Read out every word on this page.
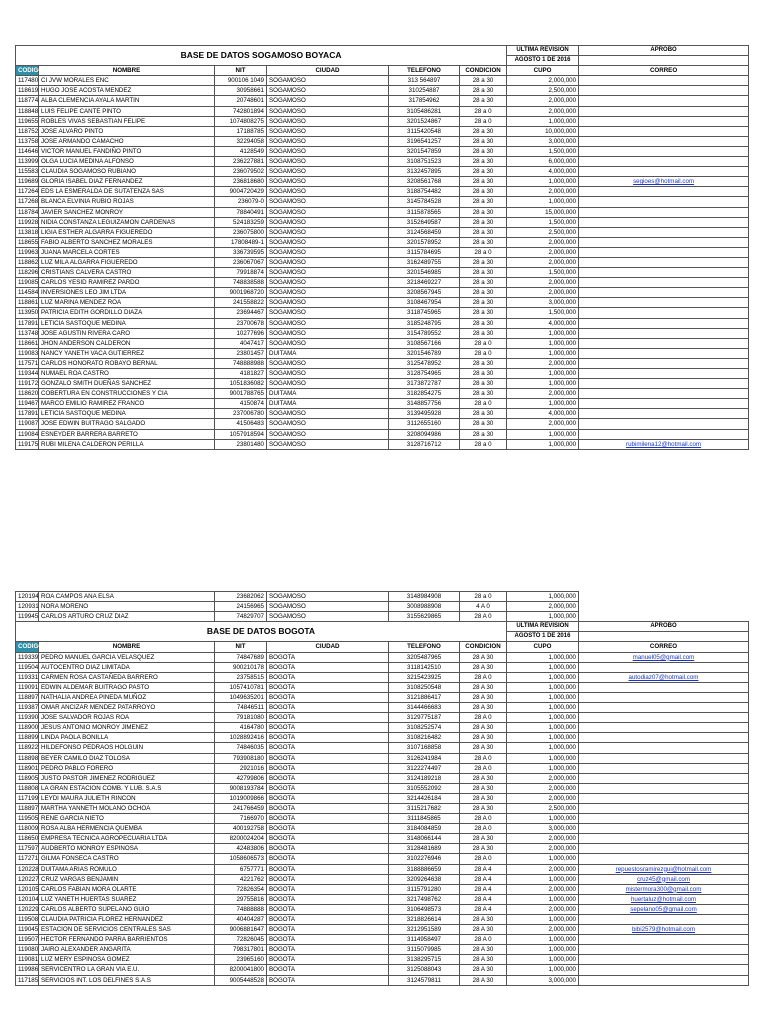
BASE DE DATOS SOGAMOSO BOYACA						ULTIMA REVISION	APROBO
						AGOSTO 1 DE 2016	

CODIGO	NOMBRE	NIT	CIUDAD	TELEFONO	CONDICION	CUPO	CORREO
117480	CI JVW MORALES ENC	900106 1049	SOGAMOSO	313 564897	28 a 30	2,000,000	
118619	HUGO JOSE ACOSTA MENDEZ	30958661	SOGAMOSO	310254887	28 a 30	2,500,000	
118774	ALBA CLEMENCIA AYALA MARTIN	20748601	SOGAMOSO	317854962	28 a 30	2,000,000	
118848	LUIS FELIPE CANTE PINTO	742801894	SOGAMOSO	3105486281	28 a 0	2,000,000	
119655	ROBLES VIVAS SEBASTIAN FELIPE	1074808275	SOGAMOSO	3201524867	28 a 0	1,000,000	
118752	JOSE ALVARO PINTO	17188785	SOGAMOSO	3115420548	28 a 30	10,000,000	
113758	JOSE ARMANDO CAMACHO	32294058	SOGAMOSO	3196541257	28 a 30	3,000,000	
114646	VICTOR MANUEL FANDIÑO PINTO	4128549	SOGAMOSO	3201547859	28 a 30	1,500,000	
113999	OLGA LUCIA MEDINA ALFONSO	236227881	SOGAMOSO	3108751523	28 a 30	6,000,000	
115583	CLAUDIA SOGAMOSO RUBIANO	236079502	SOGAMOSO	3132457895	28 a 30	4,000,000	
119689	GLORIA ISABEL DIAZ FERNANDEZ	236818680	SOGAMOSO	3208561768	28 a 30	1,000,000	segioes@hotmail.com
117264	EDS LA ESMERALDA DE SUTATENZA SAS	9004720429	SOGAMOSO	3188754482	28 a 30	2,000,000	
117268	BLANCA ELVINIA RUBIO ROJAS	236079-0	SOGAMOSO	3145784528	28 a 30	1,000,000	
118784	JAVIER SANCHEZ MONROY	78840491	SOGAMOSO	3115878565	28 a 30	15,000,000	
119928	NIDIA CONSTANZA LEGUIZAMON CARDENAS	524183259	SOGAMOSO	3152649587	28 a 30	1,500,000	
113818	LIGIA ESTHER ALGARRA FIGUEREDO	236075800	SOGAMOSO	3124568459	28 a 30	2,500,000	
118655	FABIO ALBERTO SANCHEZ MORALES	17808489-1	SOGAMOSO	3201578952	28 a 30	2,000,000	
119963	JUANA MARCELA CORTES	336739595	SOGAMOSO	3115784695	28 a 0	2,000,000	
118862	LUZ MILA ALGARRA FIGUEREDO	236067067	SOGAMOSO	3162489755	28 a 30	2,000,000	
118296	CRISTIANS CALVERA CASTRO	79918874	SOGAMOSO	3201546985	28 a 30	1,500,000	
119085	CARLOS YESID RAMIREZ PARDO	748838588	SOGAMOSO	3218469227	28 a 30	2,000,000	
114584	INVERSIONES LEO JIM LTDA	9001968720	SOGAMOSO	3208567945	28 a 30	2,000,000	
118861	LUZ MARINA MENDEZ ROA	241558822	SOGAMOSO	3108467954	28 a 30	3,000,000	
113950	PATRICIA EDITH GORDILLO DIAZA	23694467	SOGAMOSO	3118745965	28 a 30	1,500,000	
117891	LETICIA SASTOQUE MEDINA	23700678	SOGAMOSO	3185248795	28 a 30	4,000,000	
113748	JOSE AGUSTIN RIVERA CARO	10277696	SOGAMOSO	3154789552	28 a 30	1,000,000	
118661	JHON ANDERSON CALDERON	4047417	SOGAMOSO	3108567166	28 a 0	1,000,000	
119083	NANCY YANETH VACA GUTIERREZ	23801457	DUITAMA	3201546789	28 a 0	1,000,000	
117571	CARLOS HONORATO ROBAYO BERNAL	748888988	SOGAMOSO	3125478952	28 a 30	2,000,000	
119344	NUMAEL ROA CASTRO	4181827	SOGAMOSO	3128754965	28 a 30	1,000,000	
119172	GONZALO SMITH DUEÑAS SANCHEZ	1051836082	SOGAMOSO	3173872787	28 a 30	1,000,000	
118620	COBERTURA EN CONSTRUCCIONES Y CIA	9001788765	DUITAMA	3182854275	28 a 30	2,000,000	
119467	MARCO EMILIO RAMIREZ FRANCO	4150874	DUITAMA	3148857756	28 a 0	1,000,000	
117891	LETICIA SASTOQUE MEDINA	237006780	SOGAMOSO	3139495928	28 a 30	4,000,000	
119087	JOSE EDWIN BUITRAGO SALGADO	41506483	SOGAMOSO	3112655160	28 a 30	2,000,000	
119084	ESNEYDER BARRERA BARRETO	1057918594	SOGAMOSO	3208094986	28 a 30	1,000,000	
119175	RUBI MILENA CALDERON PERILLA	23801480	SOGAMOSO	3128716712	28 a 0	1,000,000	rubimilena12@hotmail.com
120194	ROA CAMPOS ANA ELSA	23682062	SOGAMOSO	3148984908	28 a 0	1,000,000	
120931	NORA MORENO	24156965	SOGAMOSO	3008988908	4 A 0	2,000,000	
119945	CARLOS ARTURO CRUZ DIAZ	74829707	SOGAMOSO	3155629865	28 A 0	1,000,000	
BASE DE DATOS BOGOTA						ULTIMA REVISION	APROBO
						AGOSTO 1 DE 2016	

CODIGO	NOMBRE	NIT	CIUDAD	TELEFONO	CONDICION	CUPO	CORREO
119339	PEDRO MANUEL GARCIA VELASQUEZ	74847689	BOGOTA	3205487965	28 A 30	1,000,000	manuel05@gmail.com
119504	AUTOCENTRO DIAZ LIMITADA	900210178	BOGOTA	3118142510	28 A 30	1,000,000	
119331	CARMEN ROSA CASTAÑEDA BARRERO	23758515	BOGOTA	3215423925	28 A 0	1,000,000	autodiaz07@hotmail.com
119091	EDWIN ALDEMAR BUITRAGO PASTO	1057410781	BOGOTA	3108250548	28 A 30	1,000,000	
118897	NATHALIA ANDREA PINEDA MUÑOZ	1049635201	BOGOTA	3121886417	28 A 30	1,000,000	
119387	OMAR ANCIZAR MENDEZ PATARROYO	74846511	BOGOTA	3144466683	28 A 30	1,000,000	
119390	JOSE SALVADOR ROJAS ROA	79181080	BOGOTA	3129775187	28 A 0	1,000,000	
118900	JESUS ANTONIO MONROY JIMENEZ	4164780	BOGOTA	3108252574	28 A 30	1,000,000	
118899	LINDA PAOLA BONILLA	1028892416	BOGOTA	3108216482	28 A 30	1,000,000	
118922	HILDEFONSO PEDRAOS HOLGUIN	74846035	BOGOTA	3107168858	28 A 30	1,000,000	
118898	BEYER CAMILO DIAZ TOLOSA	793908180	BOGOTA	3126241984	28 A 0	1,000,000	
118901	PEDRO PABLO FORERO	2921016	BOGOTA	3122274497	28 A 0	1,000,000	
118905	JUSTO PASTOR JIMENEZ RODRIGUEZ	42799806	BOGOTA	3124189218	28 A 30	2,000,000	
118808	LA GRAN ESTACION COMB. Y LUB. S.A.S	9008193784	BOGOTA	3105552092	28 A 30	2,000,000	
117199	LEYDI MAURA JULIETH RINCON	1019009866	BOGOTA	3214426184	28 A 30	2,000,000	
118897	MARTHA YANNETH MOLANO OCHOA	241766459	BOGOTA	3115217682	28 A 30	2,500,000	
119505	RENE GARCIA NIETO	7166970	BOGOTA	3111845865	28 A 0	1,000,000	
118009	ROSA ALBA HERMENCIA QUEMBA	400192758	BOGOTA	3184084859	28 A 0	3,000,000	
118650	EMPRESA TECNICA AGROPECUARIA LTDA	8200024204	BOGOTA	3148066144	28 A 30	2,000,000	
117597	AUDBERTO MONROY ESPINOSA	42483806	BOGOTA	3128481689	28 A 30	2,000,000	
117271	GILMA FONSECA CASTRO	1058606573	BOGOTA	3102276946	28 A 0	1,000,000	
120228	DUITAMA ARIAS ROMULO	6757771	BOGOTA	3188886659	28 A 4	2,000,000	repuestosramirezgui@hotmail.com
120227	CRUZ VARGAS BENJAMIN	4221762	BOGOTA	3209264638	28 A 4	1,000,000	cruz45@gmail.com
120105	CARLOS FABIAN MORA OLARTE	72826354	BOGOTA	3115791280	28 A 4	2,000,000	mistermora300@gmail.com
120104	LUZ YANETH HUERTAS SUAREZ	29755816	BOGOTA	3217498762	28 A 4	1,000,000	huertaluz@hotmail.com
120229	CARLOS ALBERTO SUPELANO GUIO	74888888	BOGOTA	3106498573	28 A 4	2,000,000	sepelano05@gmail.com
119508	CLAUDIA PATRICIA FLOREZ HERNANDEZ	40404287	BOGOTA	3218826614	28 A 30	1,000,000	
119045	ESTACION DE SERVICIOS CENTRALES SAS	9006881647	BOGOTA	3212951589	28 A 30	2,000,000	bibi2579@hotmail.com
119507	HECTOR FERNANDO PARRA BARRIENTOS	72826045	BOGOTA	3114958497	28 A 0	1,000,000	
119080	JAIRO ALEXANDER ANGARITA	798317801	BOGOTA	3115079985	28 A 30	1,000,000	
119081	LUZ MERY ESPINOSA GOMEZ	23965160	BOGOTA	3138295715	28 A 30	1,000,000	
119986	SERVICENTRO LA GRAN VIA E.U.	8200041800	BOGOTA	3125088043	28 A 30	1,000,000	
117185	SERVICIOS INT. LOS DELFINES S.A.S	9005448528	BOGOTA	3124579811	28 A 30	3,000,000	
